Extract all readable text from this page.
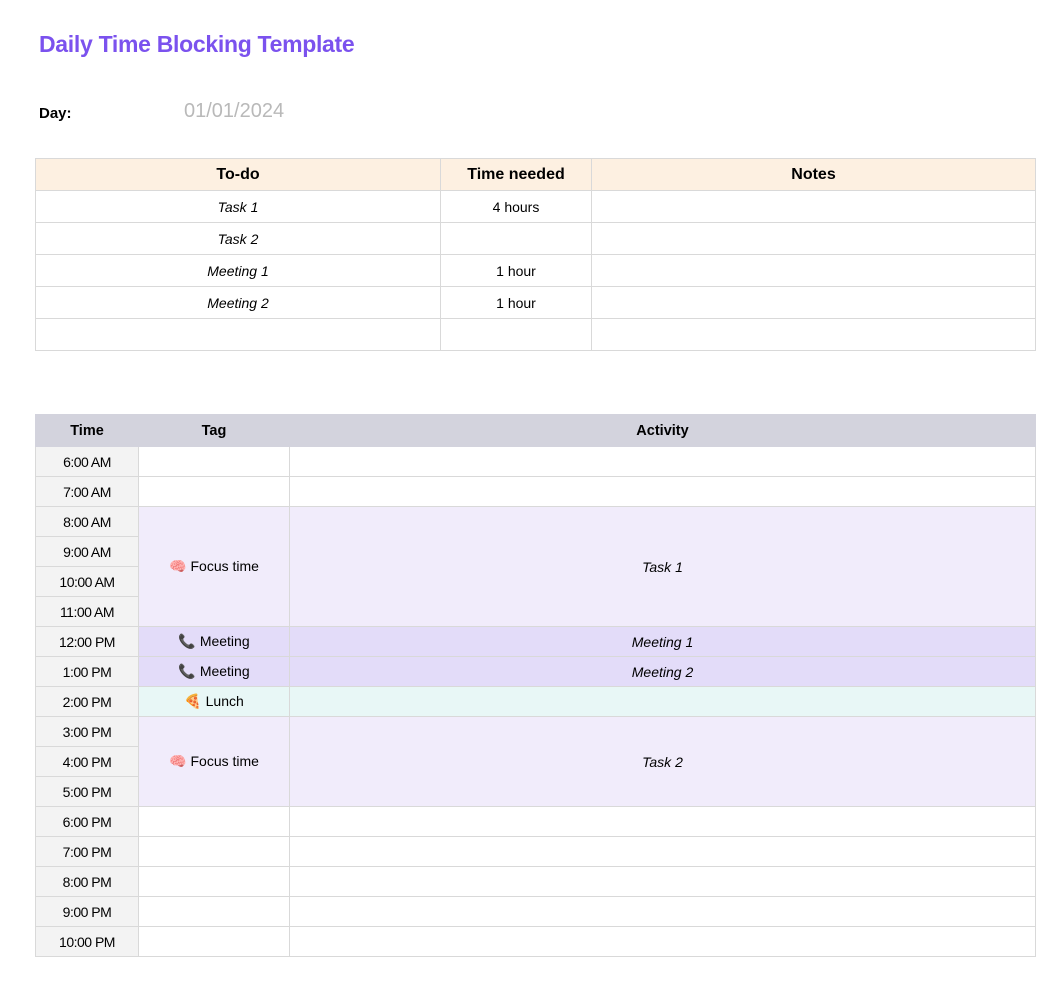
Daily Time Blocking Template
Day:	01/01/2024
To-do	Time needed	Notes
Task 1	4 hours	
Task 2		
Meeting 1	1 hour	
Meeting 2	1 hour	

Time	Tag	Activity
6:00 AM		
7:00 AM		
8:00 AM	🧠 Focus time	Task 1
9:00 AM		
10:00 AM		
11:00 AM		
12:00 PM	📞 Meeting	Meeting 1
1:00 PM	📞 Meeting	Meeting 2
2:00 PM	🍕 Lunch	
3:00 PM	🧠 Focus time	Task 2
4:00 PM		
5:00 PM		
6:00 PM		
7:00 PM		
8:00 PM		
9:00 PM		
10:00 PM		
